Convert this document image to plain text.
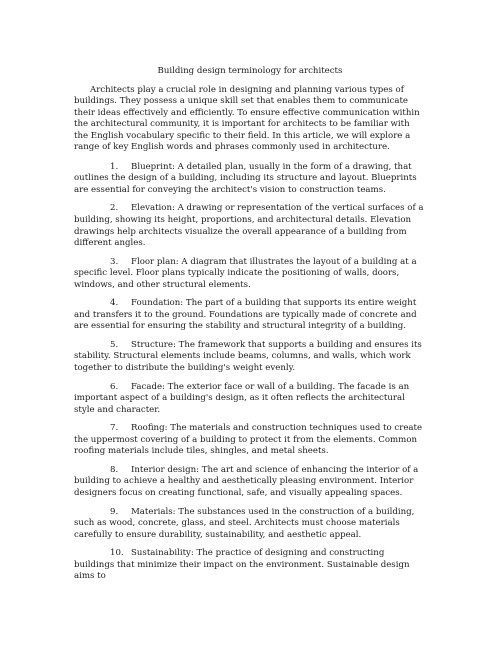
Building design terminology for architects

Architects play a crucial role in designing and planning various types of buildings. They possess a unique skill set that enables them to communicate their ideas effectively and efficiently. To ensure effective communication within the architectural community, it is important for architects to be familiar with the English vocabulary specific to their field. In this article, we will explore a range of key English words and phrases commonly used in architecture.

1. Blueprint: A detailed plan, usually in the form of a drawing, that outlines the design of a building, including its structure and layout. Blueprints are essential for conveying the architect's vision to construction teams.
2. Elevation: A drawing or representation of the vertical surfaces of a building, showing its height, proportions, and architectural details. Elevation drawings help architects visualize the overall appearance of a building from different angles.
3. Floor plan: A diagram that illustrates the layout of a building at a specific level. Floor plans typically indicate the positioning of walls, doors, windows, and other structural elements.
4. Foundation: The part of a building that supports its entire weight and transfers it to the ground. Foundations are typically made of concrete and are essential for ensuring the stability and structural integrity of a building.
5. Structure: The framework that supports a building and ensures its stability. Structural elements include beams, columns, and walls, which work together to distribute the building's weight evenly.
6. Facade: The exterior face or wall of a building. The facade is an important aspect of a building's design, as it often reflects the architectural style and character.
7. Roofing: The materials and construction techniques used to create the uppermost covering of a building to protect it from the elements. Common roofing materials include tiles, shingles, and metal sheets.
8. Interior design: The art and science of enhancing the interior of a building to achieve a healthy and aesthetically pleasing environment. Interior designers focus on creating functional, safe, and visually appealing spaces.
9. Materials: The substances used in the construction of a building, such as wood, concrete, glass, and steel. Architects must choose materials carefully to ensure durability, sustainability, and aesthetic appeal.
10. Sustainability: The practice of designing and constructing buildings that minimize their impact on the environment. Sustainable design aims to
